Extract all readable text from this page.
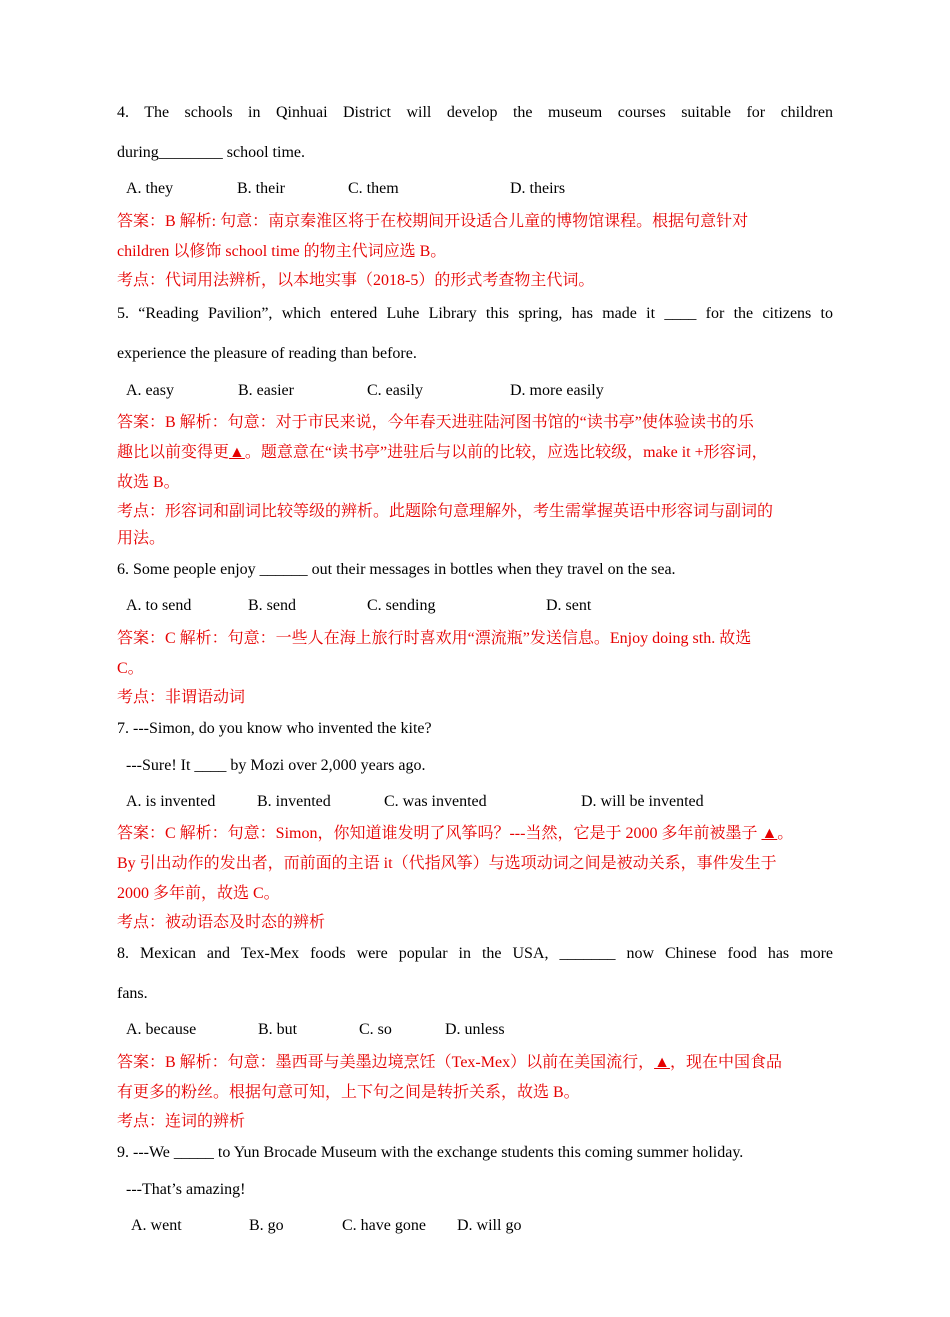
4. The schools in Qinhuai District will develop the museum courses suitable for children
during________ school time.
A. they	B. their	C. them	D. theirs
答案：B 解析: 句意：南京秦淮区将于在校期间开设适合儿童的博物馆课程。根据句意针对
children 以修饰 school time 的物主代词应选 B。
考点：代词用法辨析，以本地实事（2018-5）的形式考查物主代词。
5. “Reading Pavilion”, which entered Luhe Library this spring, has made it ____ for the citizens to
experience the pleasure of reading than before.
A. easy	B. easier	C. easily	D. more easily
答案：B 解析：句意：对于市民来说，今年春天进驻陆河图书馆的“读书亭”使体验读书的乐
趣比以前变得更▲。题意意在“读书亭”进驻后与以前的比较，应选比较级，make it +形容词，
故选 B。
考点：形容词和副词比较等级的辨析。此题除句意理解外，考生需掌握英语中形容词与副词的
用法。
6. Some people enjoy ______ out their messages in bottles when they travel on the sea.
A. to send	B. send	C. sending	D. sent
答案：C 解析：句意：一些人在海上旅行时喜欢用“漂流瓶”发送信息。Enjoy doing sth. 故选
C。
考点：非谓语动词
7. ---Simon, do you know who invented the kite?
---Sure! It ____ by Mozi over 2,000 years ago.
A. is invented	B. invented	C. was invented	D. will be invented
答案：C 解析：句意：Simon，你知道谁发明了风筝吗？---当然，它是于 2000 多年前被墨子 ▲。
By 引出动作的发出者，而前面的主语 it（代指风筝）与选项动词之间是被动关系，事件发生于
2000 多年前，故选 C。
考点：被动语态及时态的辨析
8. Mexican and Tex-Mex foods were popular in the USA, _______ now Chinese food has more
fans.
A. because	B. but	C. so	D. unless
答案：B 解析：句意：墨西哥与美墨边境烹饪（Tex-Mex）以前在美国流行，▲，现在中国食品
有更多的粉丝。根据句意可知，上下句之间是转折关系，故选 B。
考点：连词的辨析
9. ---We _____ to Yun Brocade Museum with the exchange students this coming summer holiday.
---That’s amazing!
A. went	B. go	C. have gone D. will go
